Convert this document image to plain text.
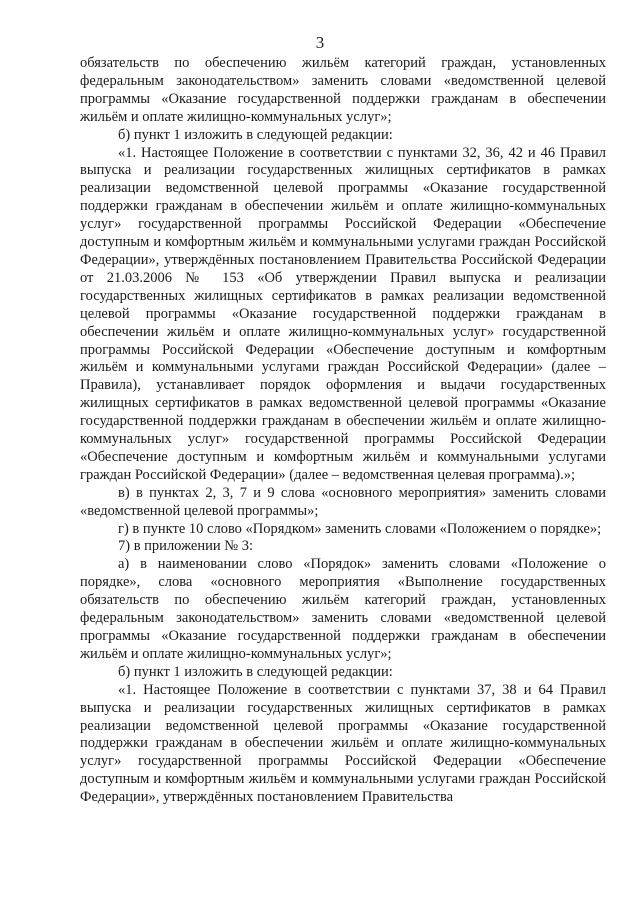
3

обязательств по обеспечению жильём категорий граждан, установленных федеральным законодательством» заменить словами «ведомственной целевой программы «Оказание государственной поддержки гражданам в обеспечении жильём и оплате жилищно-коммунальных услуг»;

б) пункт 1 изложить в следующей редакции:

«1. Настоящее Положение в соответствии с пунктами 32, 36, 42 и 46 Правил выпуска и реализации государственных жилищных сертификатов в рамках реализации ведомственной целевой программы «Оказание государственной поддержки гражданам в обеспечении жильём и оплате жилищно-коммунальных услуг» государственной программы Российской Федерации «Обеспечение доступным и комфортным жильём и коммунальными услугами граждан Российской Федерации», утверждённых постановлением Правительства Российской Федерации от 21.03.2006 № 153 «Об утверждении Правил выпуска и реализации государственных жилищных сертификатов в рамках реализации ведомственной целевой программы «Оказание государственной поддержки гражданам в обеспечении жильём и оплате жилищно-коммунальных услуг» государственной программы Российской Федерации «Обеспечение доступным и комфортным жильём и коммунальными услугами граждан Российской Федерации» (далее – Правила), устанавливает порядок оформления и выдачи государственных жилищных сертификатов в рамках ведомственной целевой программы «Оказание государственной поддержки гражданам в обеспечении жильём и оплате жилищно-коммунальных услуг» государственной программы Российской Федерации «Обеспечение доступным и комфортным жильём и коммунальными услугами граждан Российской Федерации» (далее – ведомственная целевая программа).»;

в) в пунктах 2, 3, 7 и 9 слова «основного мероприятия» заменить словами «ведомственной целевой программы»;

г) в пункте 10 слово «Порядком» заменить словами «Положением о порядке»;

7) в приложении № 3:

а) в наименовании слово «Порядок» заменить словами «Положение о порядке», слова «основного мероприятия «Выполнение государственных обязательств по обеспечению жильём категорий граждан, установленных федеральным законодательством» заменить словами «ведомственной целевой программы «Оказание государственной поддержки гражданам в обеспечении жильём и оплате жилищно-коммунальных услуг»;

б) пункт 1 изложить в следующей редакции:

«1. Настоящее Положение в соответствии с пунктами 37, 38 и 64 Правил выпуска и реализации государственных жилищных сертификатов в рамках реализации ведомственной целевой программы «Оказание государственной поддержки гражданам в обеспечении жильём и оплате жилищно-коммунальных услуг» государственной программы Российской Федерации «Обеспечение доступным и комфортным жильём и коммунальными услугами граждан Российской Федерации», утверждённых постановлением Правительства
